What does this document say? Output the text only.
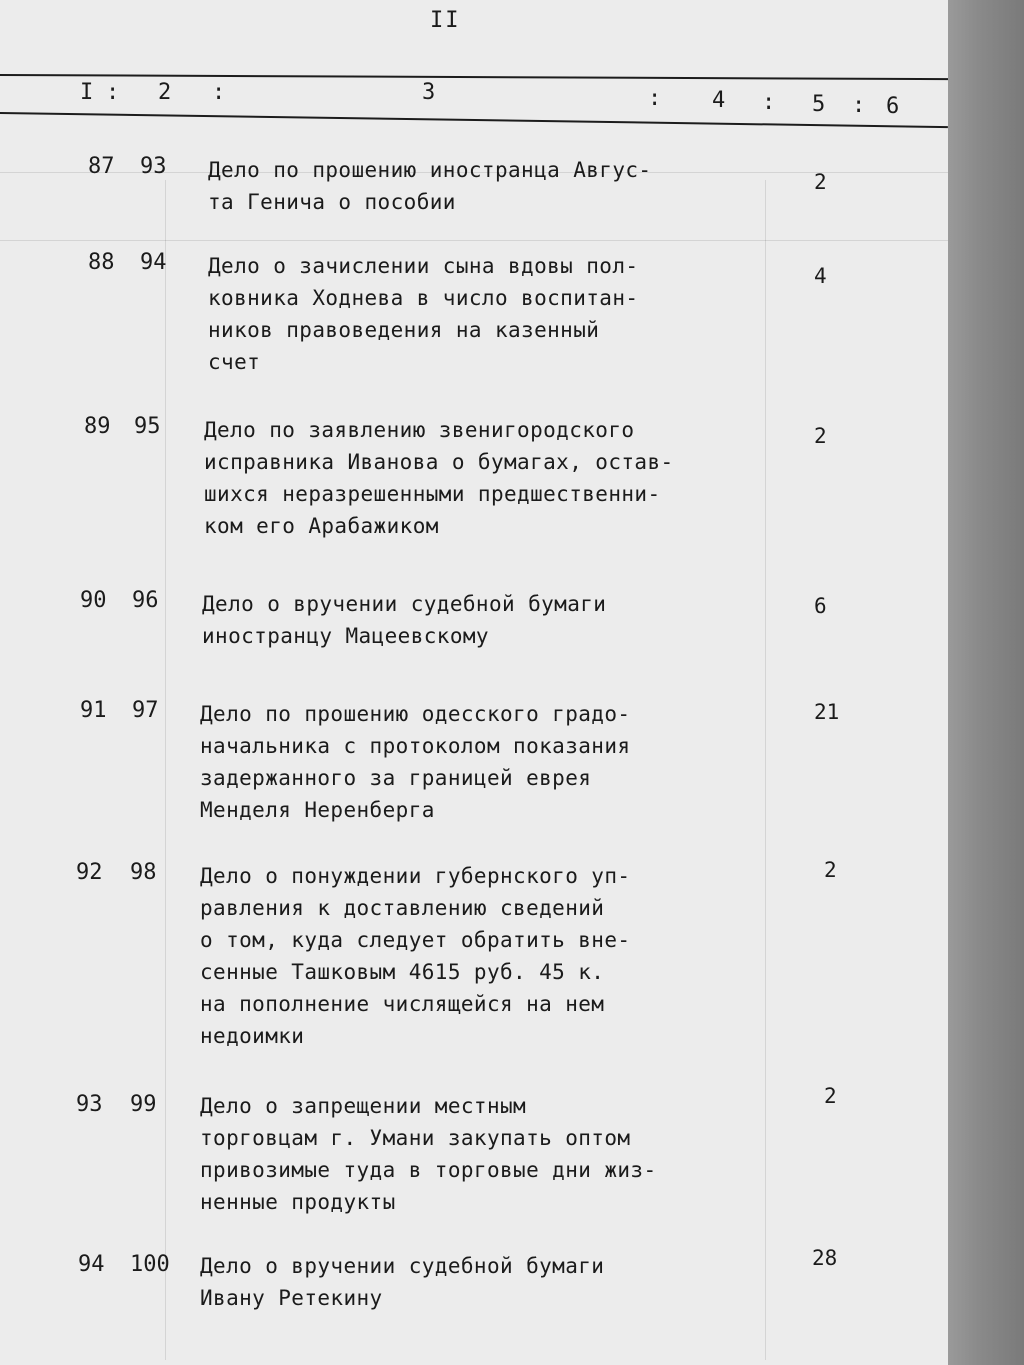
II
I : 2 :	3	: 4 : 5 : 6
87 93 Дело по прошению иностранца Авгус-
та Генича о пособии
2
88 94 Дело о зачислении сына вдовы пол-
ковника Ходнева в число воспитан-
ников правоведения на казенный
счет
4
89 95 Дело по заявлению звенигородского
исправника Иванова о бумагах, остав-
шихся неразрешенными предшественни-
ком его Арабажиком
2
90 96 Дело о вручении судебной бумаги
иностранцу Мацеевскому
6
91 97 Дело по прошению одесского градо-
начальника с протоколом показания
задержанного за границей еврея
Менделя Неренберга
21
92 98 Дело о понуждении губернского уп-
равления к доставлению сведений
о том, куда следует обратить вне-
сенные Ташковым 4615 руб. 45 к.
на пополнение числящейся на нем
недоимки
2
93 99 Дело о запрещении местным
торговцам г. Умани закупать оптом
привозимые туда в торговые дни жиз-
ненные продукты
2
94 100 Дело о вручении судебной бумаги
Ивану Ретекину
28
